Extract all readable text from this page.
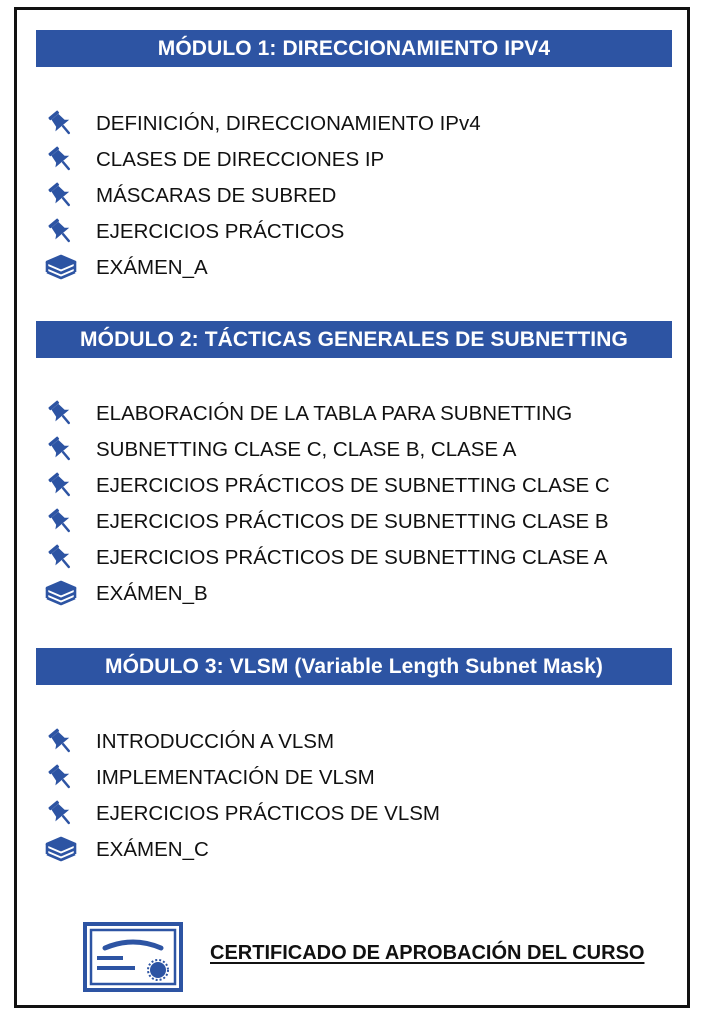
MÓDULO 1: DIRECCIONAMIENTO IPV4
DEFINICIÓN, DIRECCIONAMIENTO IPv4
CLASES DE DIRECCIONES IP
MÁSCARAS DE SUBRED
EJERCICIOS PRÁCTICOS
EXÁMEN_A
MÓDULO 2: TÁCTICAS GENERALES DE SUBNETTING
ELABORACIÓN DE LA TABLA PARA SUBNETTING
SUBNETTING CLASE C, CLASE B, CLASE A
EJERCICIOS PRÁCTICOS DE SUBNETTING CLASE C
EJERCICIOS PRÁCTICOS DE SUBNETTING CLASE B
EJERCICIOS PRÁCTICOS DE SUBNETTING CLASE A
EXÁMEN_B
MÓDULO 3: VLSM (Variable Length Subnet Mask)
INTRODUCCIÓN A VLSM
IMPLEMENTACIÓN DE VLSM
EJERCICIOS PRÁCTICOS DE VLSM
EXÁMEN_C
CERTIFICADO DE APROBACIÓN DEL CURSO
